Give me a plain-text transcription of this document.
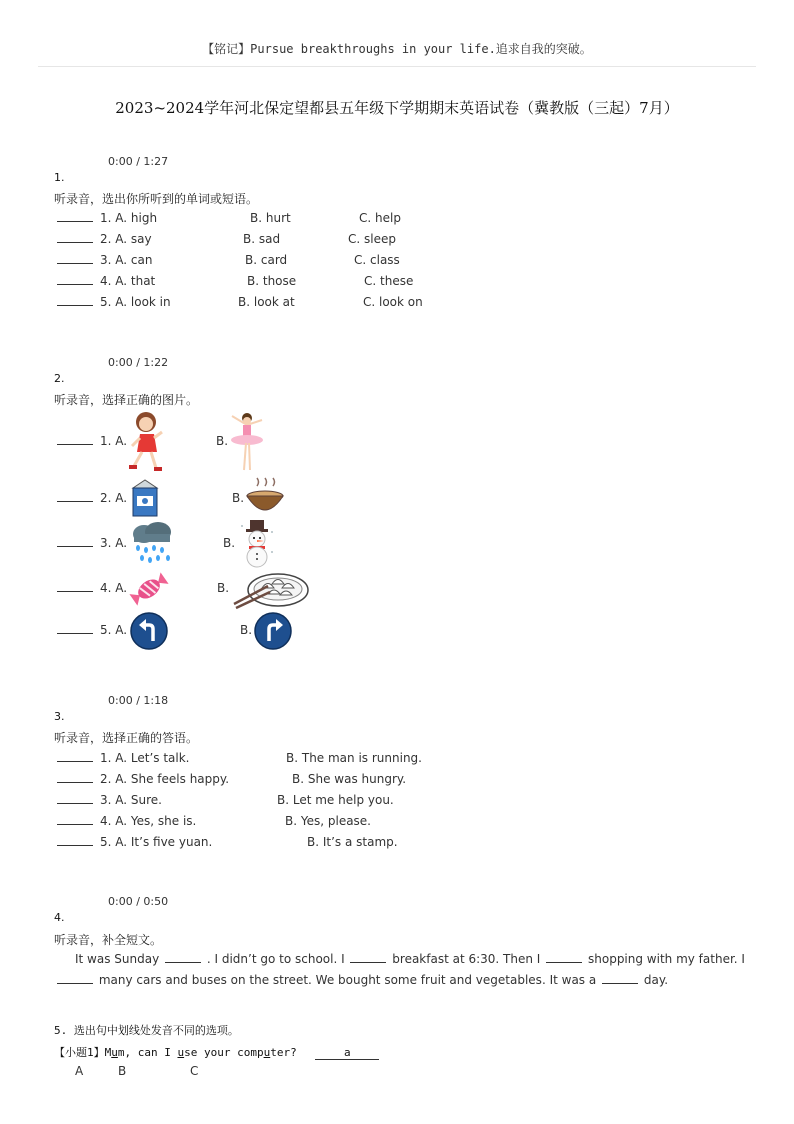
【铭记】Pursue breakthroughs in your life.追求自我的突破。
2023~2024学年河北保定望都县五年级下学期期末英语试卷（冀教版（三起）7月）
0:00 / 1:27
1.
听录音，选出你所听到的单词或短语。
1. A. high	B. hurt	C. help
2. A. say	B. sad	C. sleep
3. A. can	B. card	C. class
4. A. that	B. those	C. these
5. A. look in	B. look at	C. look on
0:00 / 1:22
2.
听录音，选择正确的图片。
1. A.	B.
2. A.	B.
3. A.	B.
4. A.	B.
5. A.	B.
0:00 / 1:18
3.
听录音，选择正确的答语。
1. A. Let’s talk.	B. The man is running.
2. A. She feels happy.	B. She was hungry.
3. A. Sure.	B. Let me help you.
4. A. Yes, she is.	B. Yes, please.
5. A. It’s five yuan.	B. It’s a stamp.
0:00 / 0:50
4.
听录音，补全短文。
It was Sunday	. I didn’t go to school. I	breakfast at 6:30. Then I	shopping with my father. I
many cars and buses on the street. We bought some fruit and vegetables. It was a	day.
5. 选出句中划线处发音不同的选项。
【小题1】Mum, can I use your computer?	a
A	B	C
